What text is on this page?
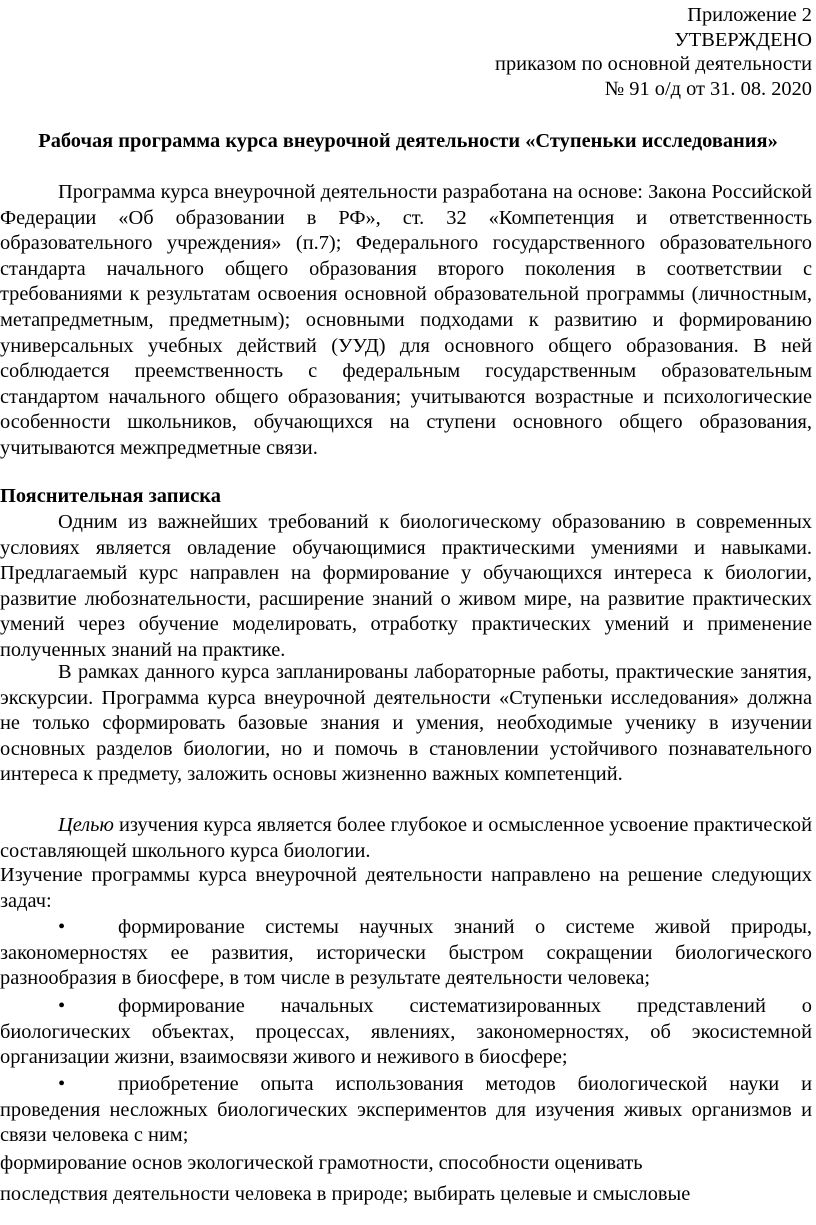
Приложение 2
УТВЕРЖДЕНО
приказом по основной деятельности
№ 91 о/д от 31. 08. 2020
Рабочая программа курса внеурочной деятельности «Ступеньки исследования»

Программа курса внеурочной деятельности разработана на основе: Закона Российской Федерации «Об образовании в РФ», ст. 32 «Компетенция и ответственность образовательного учреждения» (п.7); Федерального государственного образовательного стандарта начального общего образования второго поколения в соответствии с требованиями к результатам освоения основной образовательной программы (личностным, метапредметным, предметным); основными подходами к развитию и формированию универсальных учебных действий (УУД) для основного общего образования. В ней соблюдается преемственность с федеральным государственным образовательным стандартом начального общего образования; учитываются возрастные и психологические особенности школьников, обучающихся на ступени основного общего образования, учитываются межпредметные связи.

Пояснительная записка

Одним из важнейших требований к биологическому образованию в современных условиях является овладение обучающимися практическими умениями и навыками. Предлагаемый курс направлен на формирование у обучающихся интереса к биологии, развитие любознательности, расширение знаний о живом мире, на развитие практических умений через обучение моделировать, отработку практических умений и применение полученных знаний на практике.

В рамках данного курса запланированы лабораторные работы, практические занятия, экскурсии. Программа курса внеурочной деятельности «Ступеньки исследования» должна не только сформировать базовые знания и умения, необходимые ученику в изучении основных разделов биологии, но и помочь в становлении устойчивого познавательного интереса к предмету, заложить основы жизненно важных компетенций.

Целью изучения курса является более глубокое и осмысленное усвоение практической составляющей школьного курса биологии.

Изучение программы курса внеурочной деятельности направлено на решение следующих задач:

•	формирование системы научных знаний о системе живой природы, закономерностях ее развития, исторически быстром сокращении биологического разнообразия в биосфере, в том числе в результате деятельности человека;
•	формирование начальных систематизированных представлений о биологических объектах, процессах, явлениях, закономерностях, об экосистемной организации жизни, взаимосвязи живого и неживого в биосфере;
•	приобретение опыта использования методов биологической науки и проведения несложных биологических экспериментов для изучения живых организмов и связи человека с ним;
формирование основ экологической грамотности, способности оценивать
последствия деятельности человека в природе; выбирать целевые и смысловые
